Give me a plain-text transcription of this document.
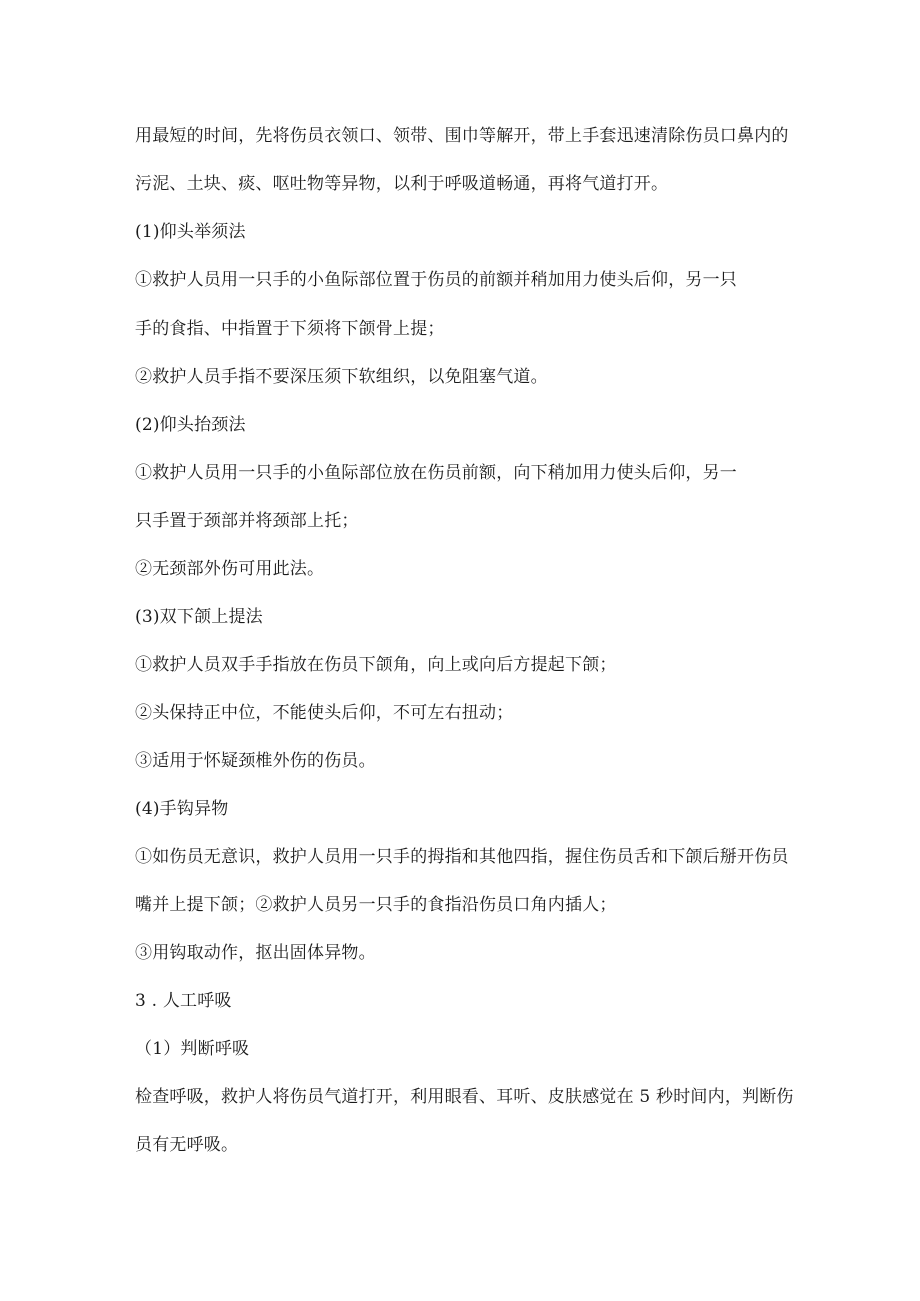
用最短的时间，先将伤员衣领口、领带、围巾等解开，带上手套迅速清除伤员口鼻内的
污泥、土块、痰、呕吐物等异物，以利于呼吸道畅通，再将气道打开。
(1)仰头举须法
①救护人员用一只手的小鱼际部位置于伤员的前额并稍加用力使头后仰，另一只
手的食指、中指置于下须将下颌骨上提；
②救护人员手指不要深压须下软组织，以免阻塞气道。
(2)仰头抬颈法
①救护人员用一只手的小鱼际部位放在伤员前额，向下稍加用力使头后仰，另一
只手置于颈部并将颈部上托；
②无颈部外伤可用此法。
(3)双下颌上提法
①救护人员双手手指放在伤员下颌角，向上或向后方提起下颌；
②头保持正中位，不能使头后仰，不可左右扭动；
③适用于怀疑颈椎外伤的伤员。
(4)手钩异物
①如伤员无意识，救护人员用一只手的拇指和其他四指，握住伤员舌和下颌后掰开伤员
嘴并上提下颌；②救护人员另一只手的食指沿伤员口角内插人；
③用钩取动作，抠出固体异物。
3 . 人工呼吸
（1）判断呼吸
检查呼吸，救护人将伤员气道打开，利用眼看、耳听、皮肤感觉在 5 秒时间内，判断伤
员有无呼吸。
